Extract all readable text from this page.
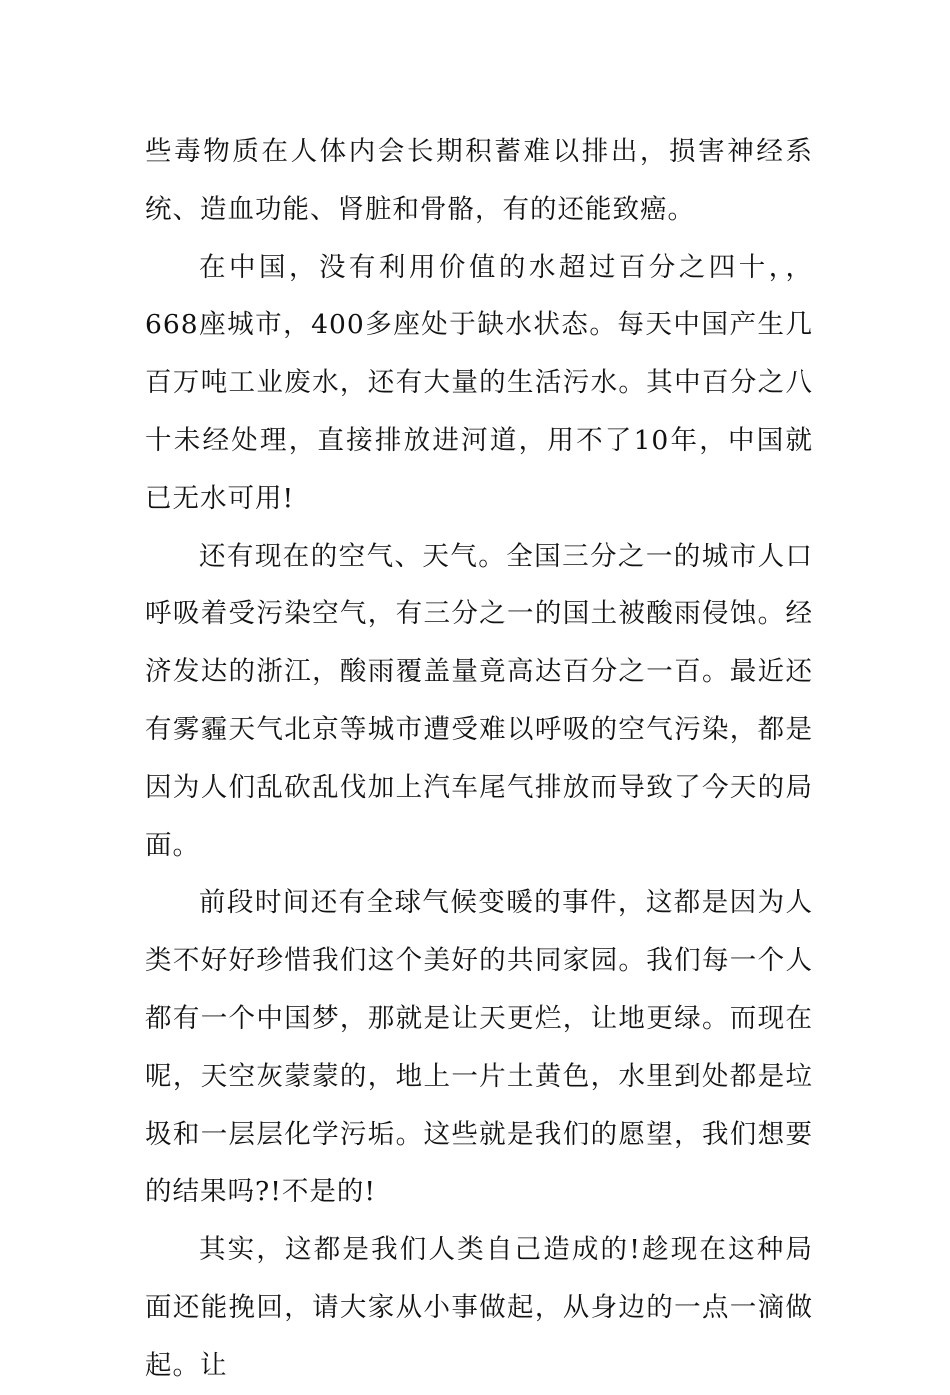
些毒物质在人体内会长期积蓄难以排出，损害神经系统、造血功能、肾脏和骨骼，有的还能致癌。

在中国，没有利用价值的水超过百分之四十，，668座城市，400多座处于缺水状态。每天中国产生几百万吨工业废水，还有大量的生活污水。其中百分之八十未经处理，直接排放进河道，用不了10年，中国就已无水可用!

还有现在的空气、天气。全国三分之一的城市人口呼吸着受污染空气，有三分之一的国土被酸雨侵蚀。经济发达的浙江，酸雨覆盖量竟高达百分之一百。最近还有雾霾天气北京等城市遭受难以呼吸的空气污染，都是因为人们乱砍乱伐加上汽车尾气排放而导致了今天的局面。

前段时间还有全球气候变暖的事件，这都是因为人类不好好珍惜我们这个美好的共同家园。我们每一个人都有一个中国梦，那就是让天更烂，让地更绿。而现在呢，天空灰蒙蒙的，地上一片土黄色，水里到处都是垃圾和一层层化学污垢。这些就是我们的愿望，我们想要的结果吗?!不是的!

其实，这都是我们人类自己造成的!趁现在这种局面还能挽回，请大家从小事做起，从身边的一点一滴做起。让
